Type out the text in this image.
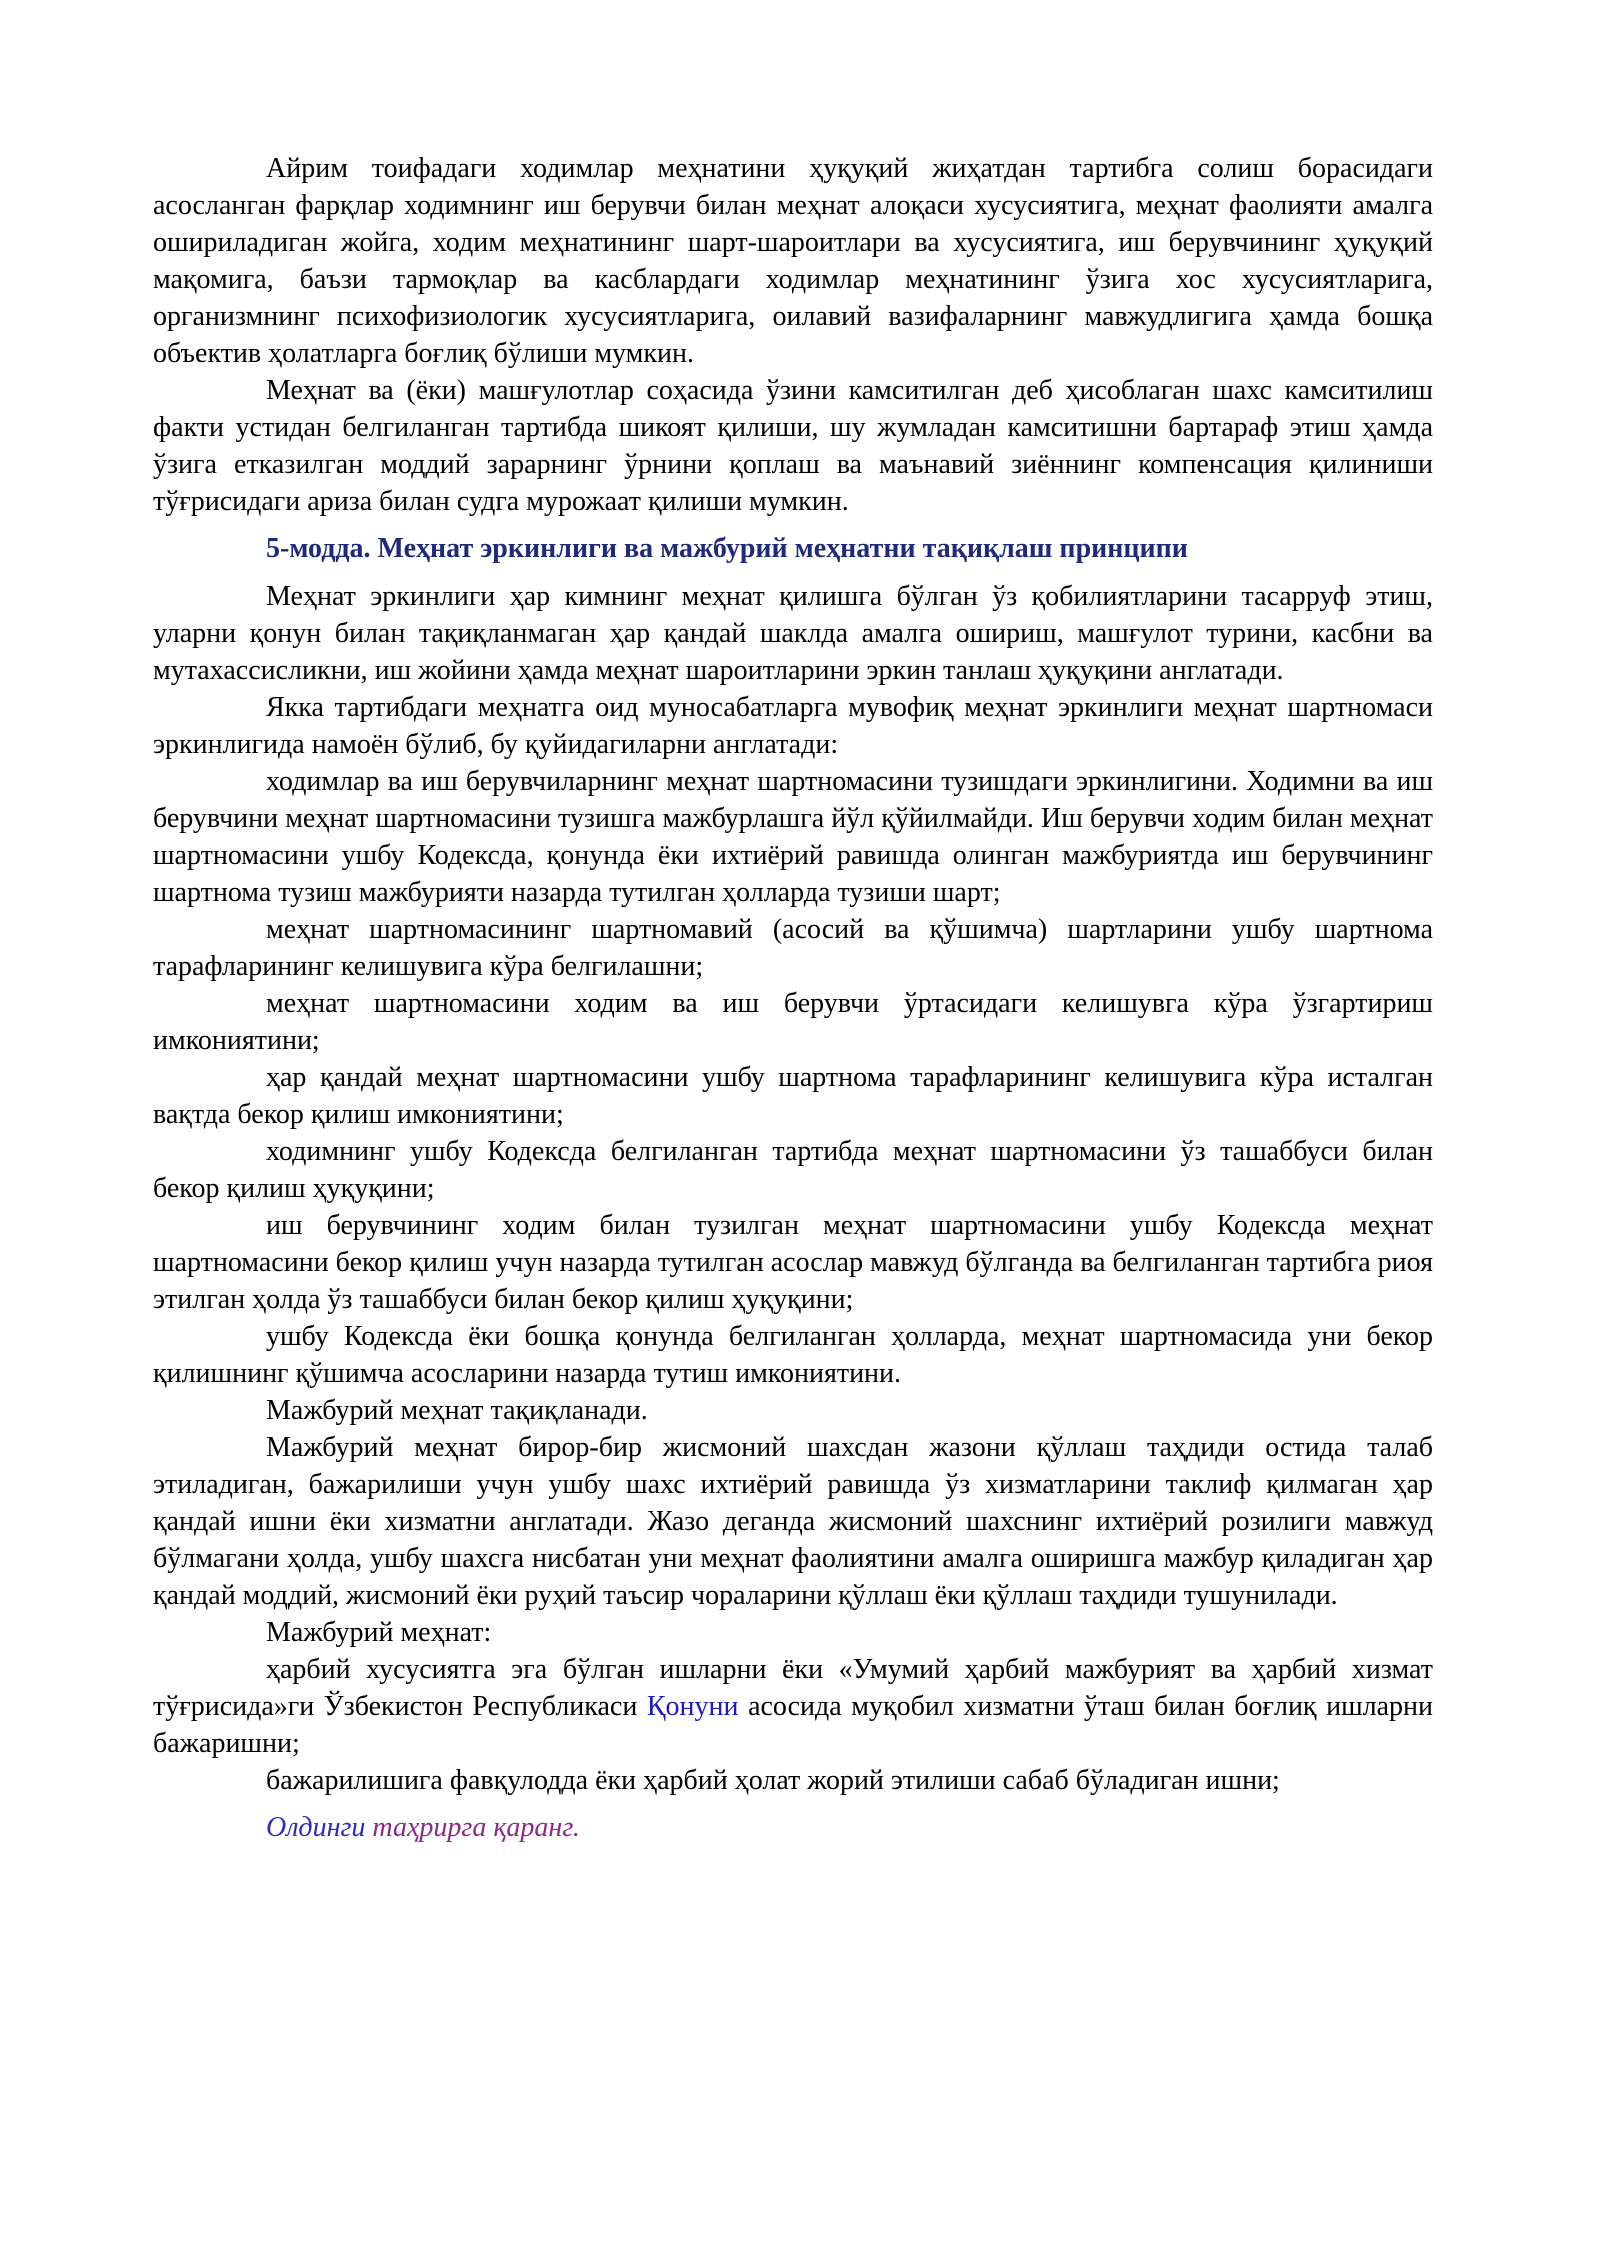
Айрим тоифадаги ходимлар меҳнатини ҳуқуқий жиҳатдан тартибга солиш борасидаги асосланган фарқлар ходимнинг иш берувчи билан меҳнат алоқаси хусусиятига, меҳнат фаолияти амалга ошириладиган жойга, ходим меҳнатининг шарт-шароитлари ва хусусиятига, иш берувчининг ҳуқуқий мақомига, баъзи тармоқлар ва касблардаги ходимлар меҳнатининг ўзига хос хусусиятларига, организмнинг психофизиологик хусусиятларига, оилавий вазифаларнинг мавжудлигига ҳамда бошқа объектив ҳолатларга боғлиқ бўлиши мумкин.

Меҳнат ва (ёки) машғулотлар соҳасида ўзини камситилган деб ҳисоблаган шахс камситилиш факти устидан белгиланган тартибда шикоят қилиши, шу жумладан камситишни бартараф этиш ҳамда ўзига етказилган моддий зарарнинг ўрнини қоплаш ва маънавий зиённинг компенсация қилиниши тўғрисидаги ариза билан судга мурожаат қилиши мумкин.

5-модда. Меҳнат эркинлиги ва мажбурий меҳнатни тақиқлаш принципи

Меҳнат эркинлиги ҳар кимнинг меҳнат қилишга бўлган ўз қобилиятларини тасарруф этиш, уларни қонун билан тақиқланмаган ҳар қандай шаклда амалга ошириш, машғулот турини, касбни ва мутахассисликни, иш жойини ҳамда меҳнат шароитларини эркин танлаш ҳуқуқини англатади.

Якка тартибдаги меҳнатга оид муносабатларга мувофиқ меҳнат эркинлиги меҳнат шартномаси эркинлигида намоён бўлиб, бу қуйидагиларни англатади:

ходимлар ва иш берувчиларнинг меҳнат шартномасини тузишдаги эркинлигини. Ходимни ва иш берувчини меҳнат шартномасини тузишга мажбурлашга йўл қўйилмайди. Иш берувчи ходим билан меҳнат шартномасини ушбу Кодексда, қонунда ёки ихтиёрий равишда олинган мажбуриятда иш берувчининг шартнома тузиш мажбурияти назарда тутилган ҳолларда тузиши шарт;

меҳнат шартномасининг шартномавий (асосий ва қўшимча) шартларини ушбу шартнома тарафларининг келишувига кўра белгилашни;

меҳнат шартномасини ходим ва иш берувчи ўртасидаги келишувга кўра ўзгартириш имкониятини;

ҳар қандай меҳнат шартномасини ушбу шартнома тарафларининг келишувига кўра исталган вақтда бекор қилиш имкониятини;

ходимнинг ушбу Кодексда белгиланган тартибда меҳнат шартномасини ўз ташаббуси билан бекор қилиш ҳуқуқини;

иш берувчининг ходим билан тузилган меҳнат шартномасини ушбу Кодексда меҳнат шартномасини бекор қилиш учун назарда тутилган асослар мавжуд бўлганда ва белгиланган тартибга риоя этилган ҳолда ўз ташаббуси билан бекор қилиш ҳуқуқини;

ушбу Кодексда ёки бошқа қонунда белгиланган ҳолларда, меҳнат шартномасида уни бекор қилишнинг қўшимча асосларини назарда тутиш имкониятини.

Мажбурий меҳнат тақиқланади.

Мажбурий меҳнат бирор-бир жисмоний шахсдан жазони қўллаш таҳдиди остида талаб этиладиган, бажарилиши учун ушбу шахс ихтиёрий равишда ўз хизматларини таклиф қилмаган ҳар қандай ишни ёки хизматни англатади. Жазо деганда жисмоний шахснинг ихтиёрий розилиги мавжуд бўлмагани ҳолда, ушбу шахсга нисбатан уни меҳнат фаолиятини амалга оширишга мажбур қиладиган ҳар қандай моддий, жисмоний ёки руҳий таъсир чораларини қўллаш ёки қўллаш таҳдиди тушунилади.

Мажбурий меҳнат:

ҳарбий хусусиятга эга бўлган ишларни ёки «Умумий ҳарбий мажбурият ва ҳарбий хизмат тўғрисида»ги Ўзбекистон Республикаси Қонуни асосида муқобил хизматни ўташ билан боғлиқ ишларни бажаришни;

бажарилишига фавқулодда ёки ҳарбий ҳолат жорий этилиши сабаб бўладиган ишни;

Олдинги таҳрирга қаранг.
